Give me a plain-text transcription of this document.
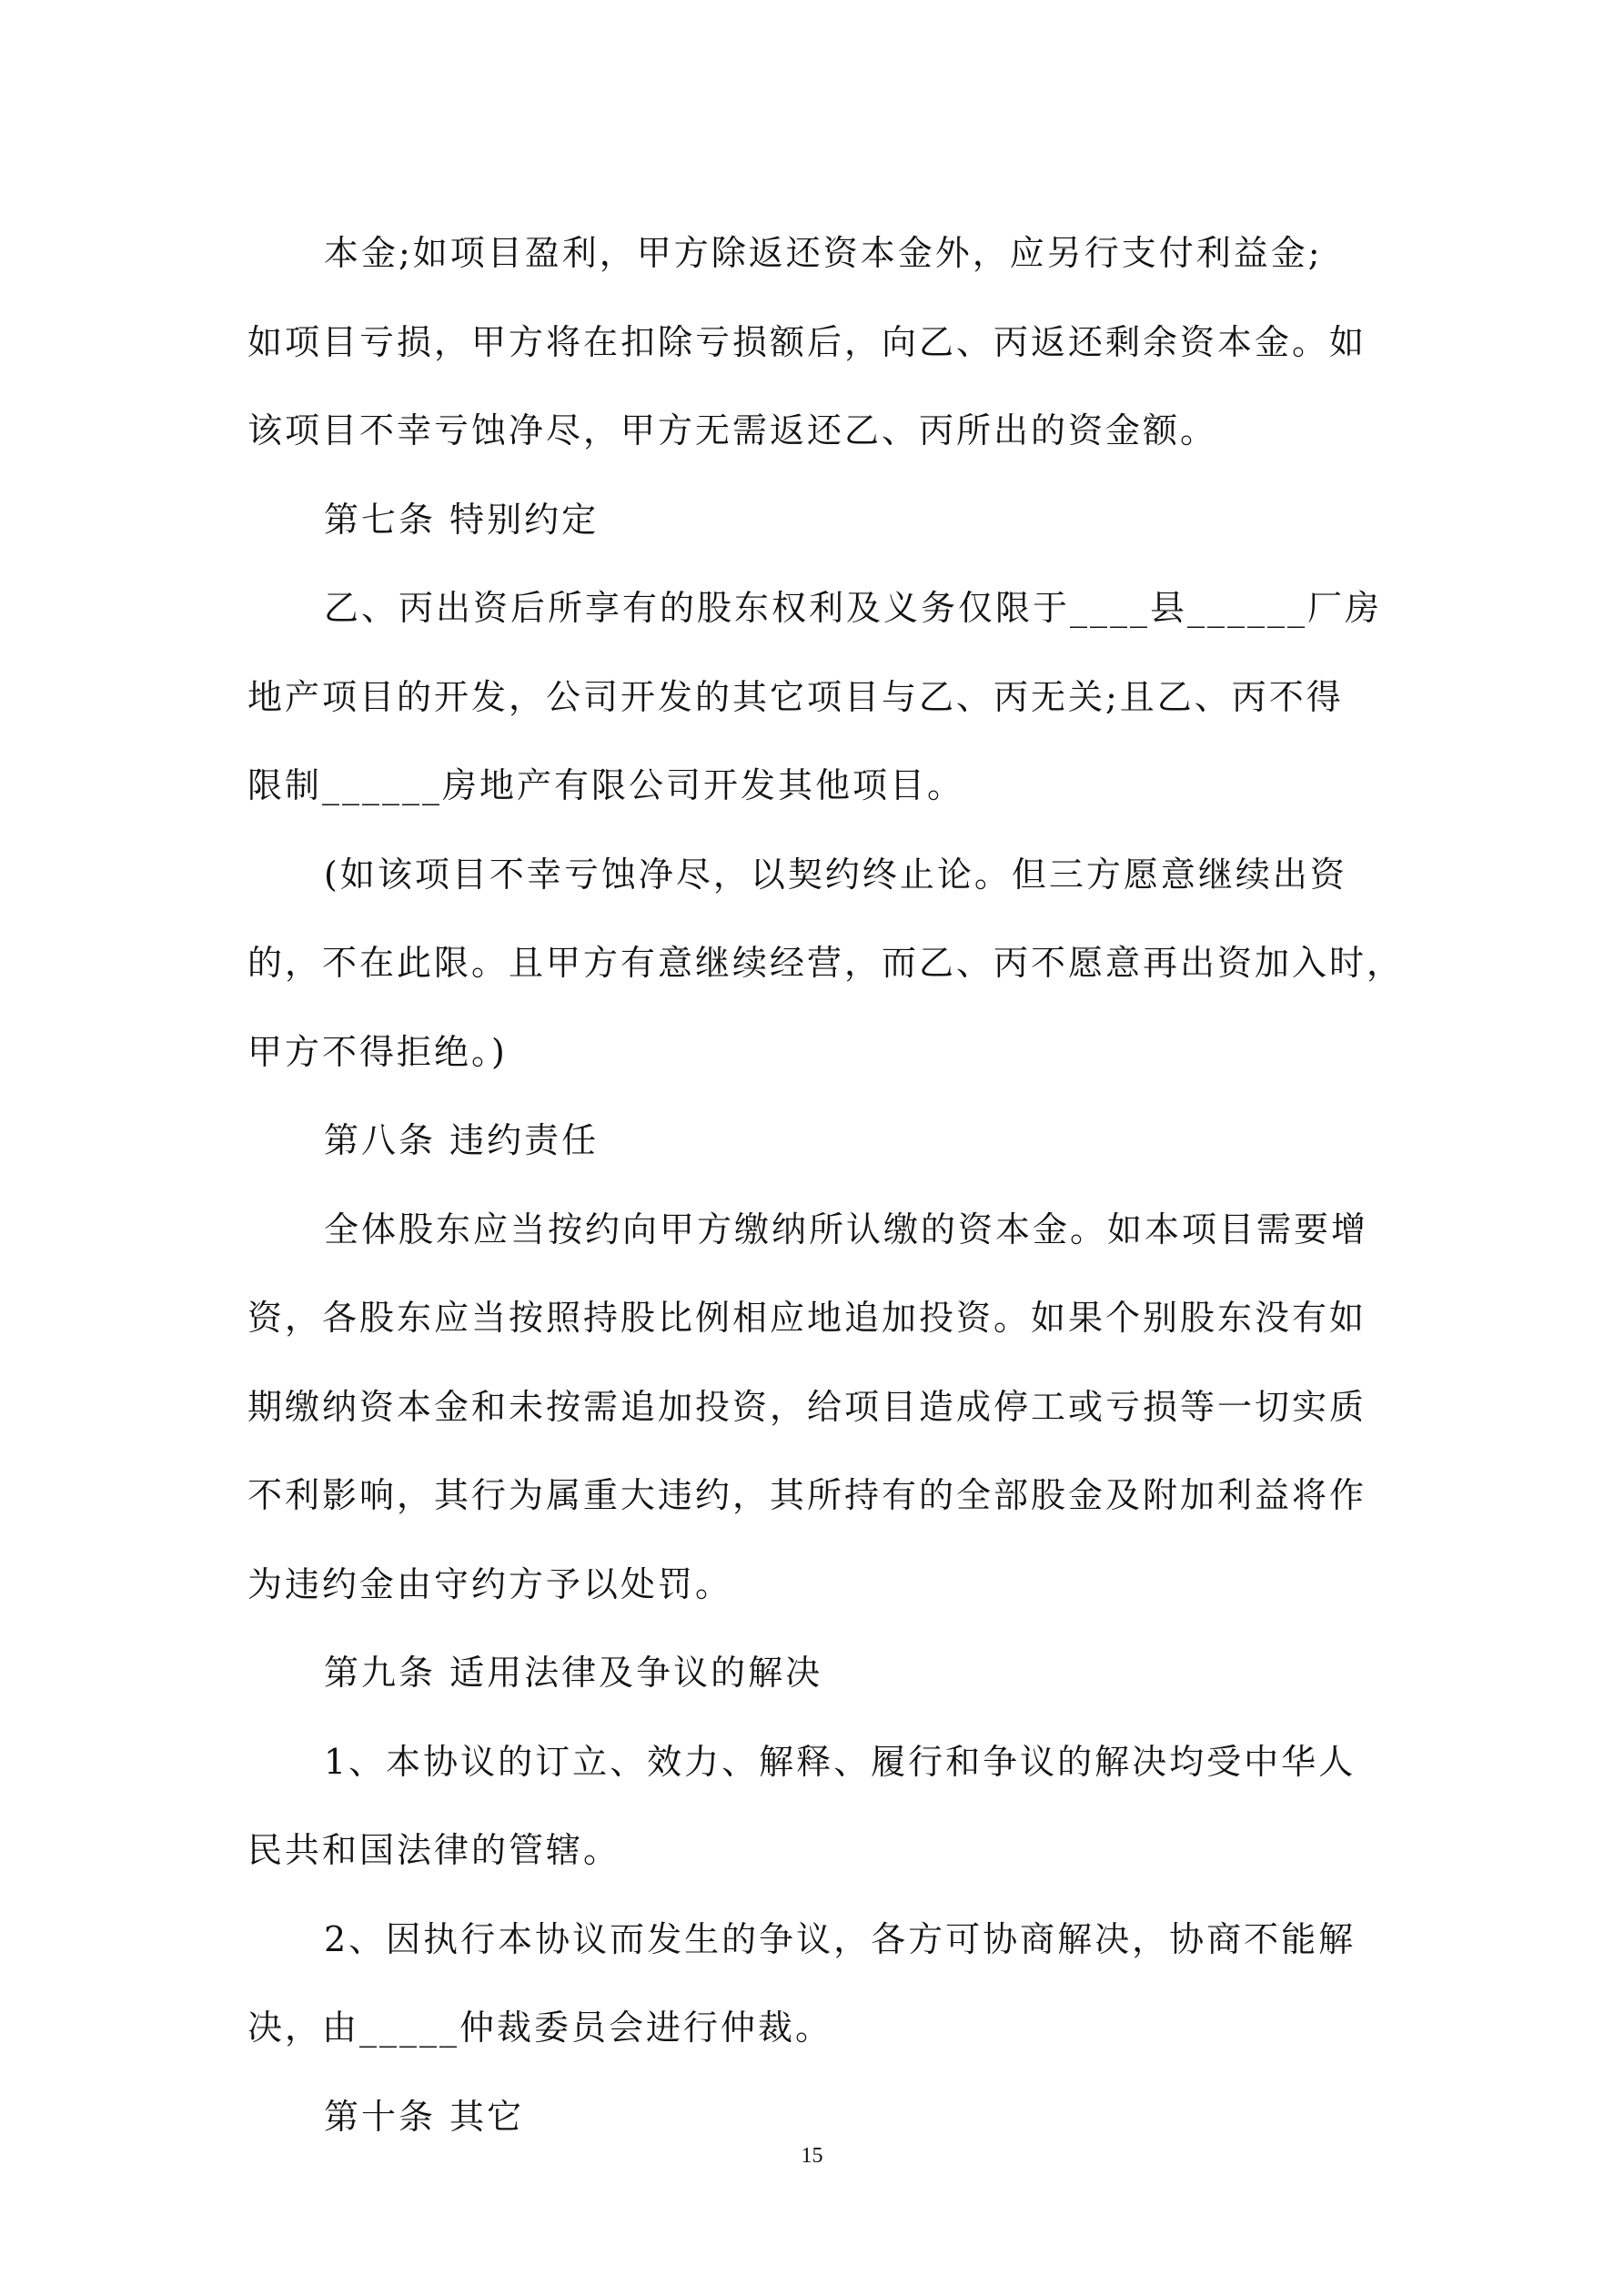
本金;如项目盈利，甲方除返还资本金外，应另行支付利益金;
如项目亏损，甲方将在扣除亏损额后，向乙、丙返还剩余资本金。如
该项目不幸亏蚀净尽，甲方无需返还乙、丙所出的资金额。
第七条 特别约定
乙、丙出资后所享有的股东权利及义务仅限于____县______厂房
地产项目的开发，公司开发的其它项目与乙、丙无关;且乙、丙不得
限制______房地产有限公司开发其他项目。
(如该项目不幸亏蚀净尽，以契约终止论。但三方愿意继续出资
的，不在此限。且甲方有意继续经营，而乙、丙不愿意再出资加入时，
甲方不得拒绝。)
第八条 违约责任
全体股东应当按约向甲方缴纳所认缴的资本金。如本项目需要增
资，各股东应当按照持股比例相应地追加投资。如果个别股东没有如
期缴纳资本金和未按需追加投资，给项目造成停工或亏损等一切实质
不利影响，其行为属重大违约，其所持有的全部股金及附加利益将作
为违约金由守约方予以处罚。
第九条 适用法律及争议的解决
1、本协议的订立、效力、解释、履行和争议的解决均受中华人
民共和国法律的管辖。
2、因执行本协议而发生的争议，各方可协商解决，协商不能解
决，由_____仲裁委员会进行仲裁。
第十条 其它
15
